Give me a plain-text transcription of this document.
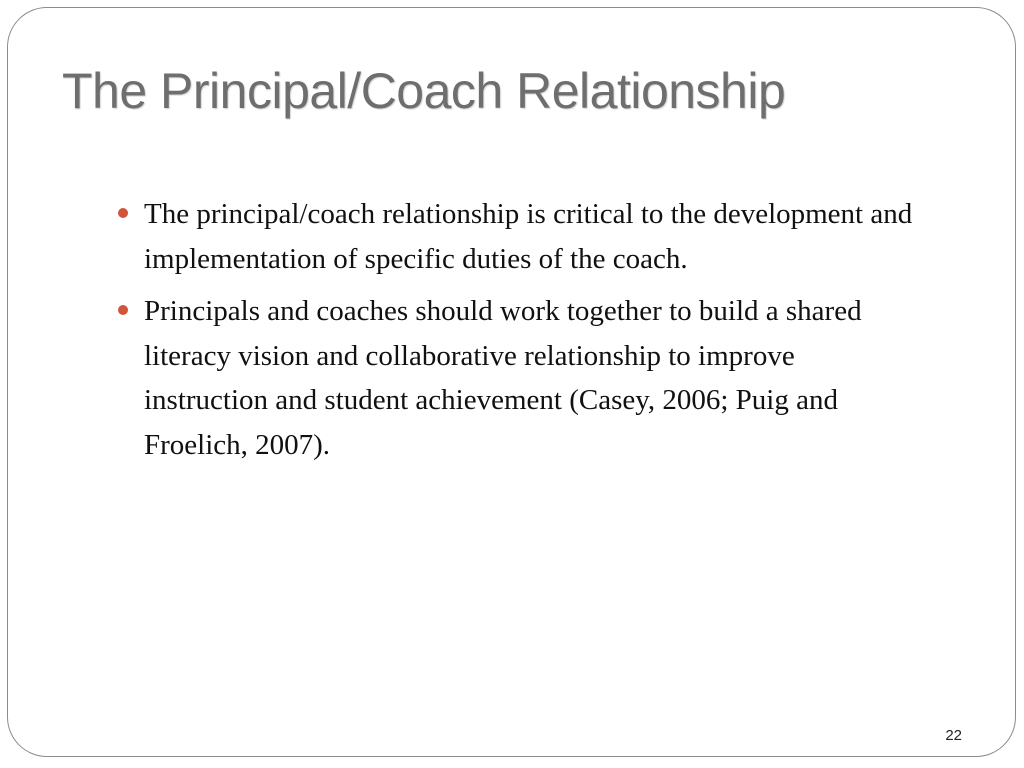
The Principal/Coach Relationship
The principal/coach relationship is critical to the development and implementation of specific duties of the coach.
Principals and coaches should work together to build a shared literacy vision and collaborative relationship to improve instruction and student achievement (Casey, 2006; Puig and Froelich, 2007).
22
